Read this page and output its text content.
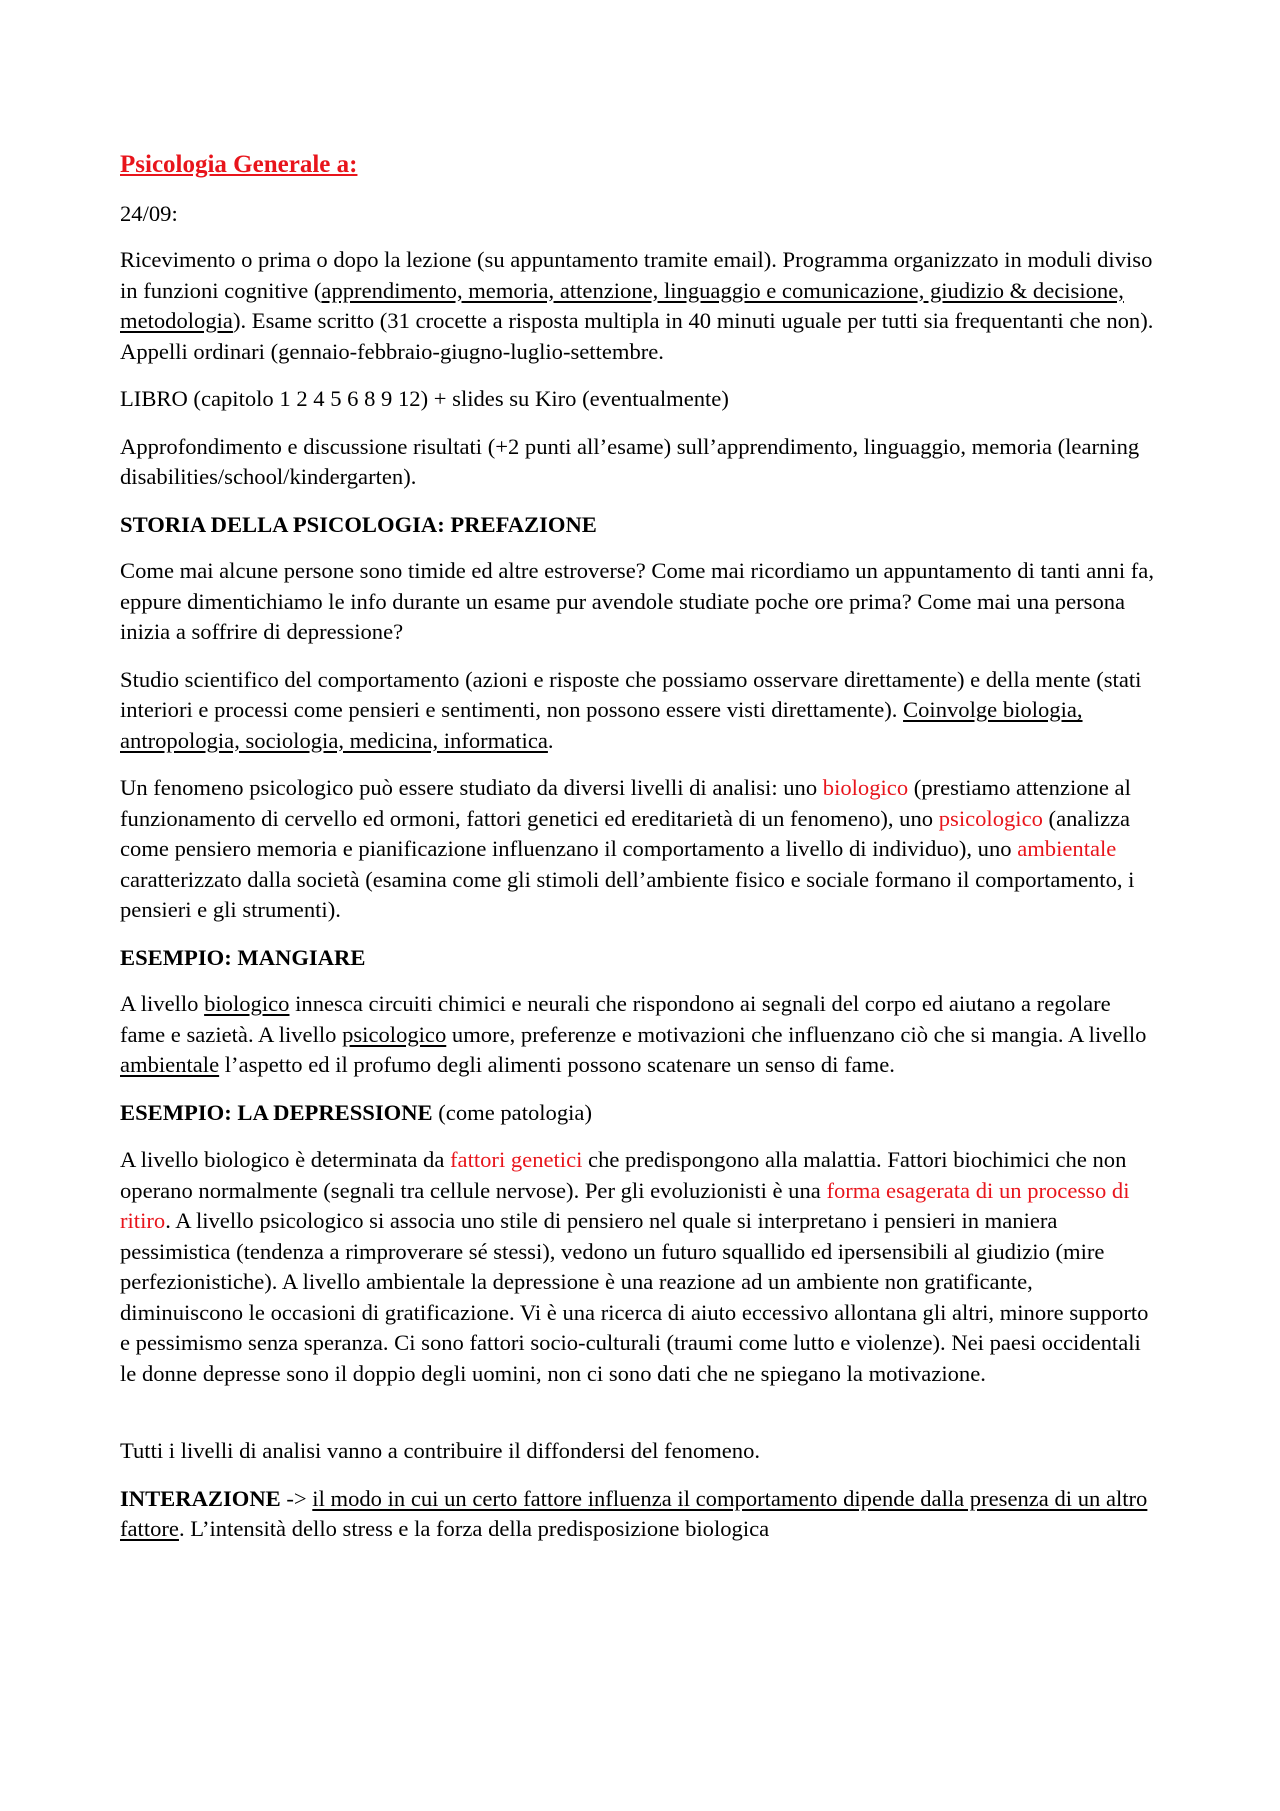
Psicologia Generale a:

24/09:

Ricevimento o prima o dopo la lezione (su appuntamento tramite email). Programma organizzato in moduli diviso in funzioni cognitive (apprendimento, memoria, attenzione, linguaggio e comunicazione, giudizio & decisione, metodologia). Esame scritto (31 crocette a risposta multipla in 40 minuti uguale per tutti sia frequentanti che non). Appelli ordinari (gennaio-febbraio-giugno-luglio-settembre.

LIBRO (capitolo 1 2 4 5 6 8 9 12) + slides su Kiro (eventualmente)

Approfondimento e discussione risultati (+2 punti all’esame) sull’apprendimento, linguaggio, memoria (learning disabilities/school/kindergarten).

STORIA DELLA PSICOLOGIA: PREFAZIONE

Come mai alcune persone sono timide ed altre estroverse? Come mai ricordiamo un appuntamento di tanti anni fa, eppure dimentichiamo le info durante un esame pur avendole studiate poche ore prima? Come mai una persona inizia a soffrire di depressione?

Studio scientifico del comportamento (azioni e risposte che possiamo osservare direttamente) e della mente (stati interiori e processi come pensieri e sentimenti, non possono essere visti direttamente). Coinvolge biologia, antropologia, sociologia, medicina, informatica.

Un fenomeno psicologico può essere studiato da diversi livelli di analisi: uno biologico (prestiamo attenzione al funzionamento di cervello ed ormoni, fattori genetici ed ereditarietà di un fenomeno), uno psicologico (analizza come pensiero memoria e pianificazione influenzano il comportamento a livello di individuo), uno ambientale caratterizzato dalla società (esamina come gli stimoli dell’ambiente fisico e sociale formano il comportamento, i pensieri e gli strumenti).

ESEMPIO: MANGIARE

A livello biologico innesca circuiti chimici e neurali che rispondono ai segnali del corpo ed aiutano a regolare fame e sazietà. A livello psicologico umore, preferenze e motivazioni che influenzano ciò che si mangia. A livello ambientale l’aspetto ed il profumo degli alimenti possono scatenare un senso di fame.

ESEMPIO: LA DEPRESSIONE (come patologia)

A livello biologico è determinata da fattori genetici che predispongono alla malattia. Fattori biochimici che non operano normalmente (segnali tra cellule nervose). Per gli evoluzionisti è una forma esagerata di un processo di ritiro. A livello psicologico si associa uno stile di pensiero nel quale si interpretano i pensieri in maniera pessimistica (tendenza a rimproverare sé stessi), vedono un futuro squallido ed ipersensibili al giudizio (mire perfezionistiche). A livello ambientale la depressione è una reazione ad un ambiente non gratificante, diminuiscono le occasioni di gratificazione. Vi è una ricerca di aiuto eccessivo allontana gli altri, minore supporto e pessimismo senza speranza. Ci sono fattori socio-culturali (traumi come lutto e violenze). Nei paesi occidentali le donne depresse sono il doppio degli uomini, non ci sono dati che ne spiegano la motivazione.

Tutti i livelli di analisi vanno a contribuire il diffondersi del fenomeno.

INTERAZIONE -> il modo in cui un certo fattore influenza il comportamento dipende dalla presenza di un altro fattore. L’intensità dello stress e la forza della predisposizione biologica
